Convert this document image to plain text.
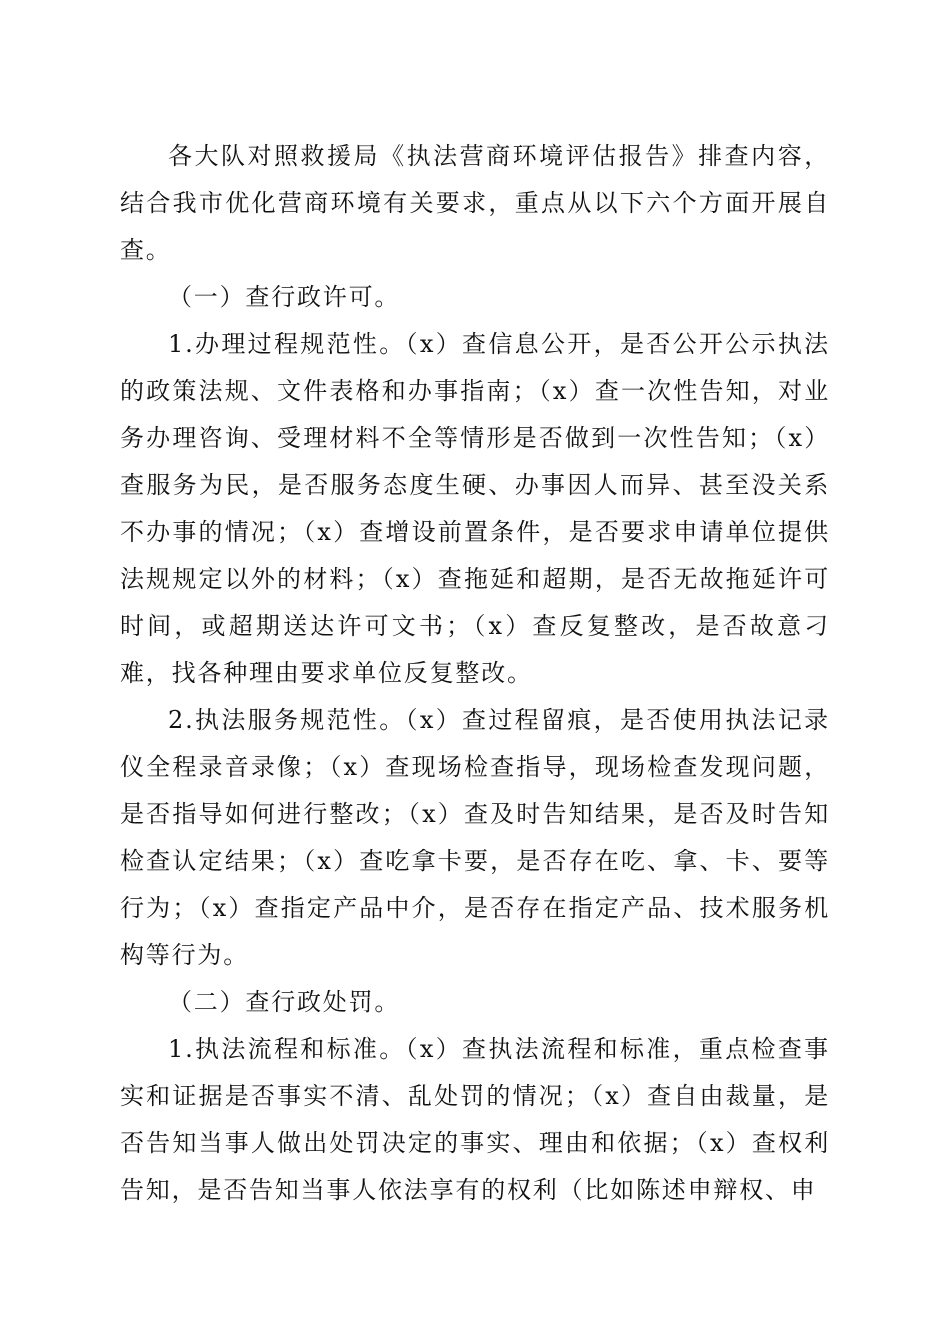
各大队对照救援局《执法营商环境评估报告》排查内容，结合我市优化营商环境有关要求，重点从以下六个方面开展自查。

（一）查行政许可。

1.办理过程规范性。（x）查信息公开，是否公开公示执法的政策法规、文件表格和办事指南；（x）查一次性告知，对业务办理咨询、受理材料不全等情形是否做到一次性告知；（x）查服务为民，是否服务态度生硬、办事因人而异、甚至没关系不办事的情况；（x）查增设前置条件，是否要求申请单位提供法规规定以外的材料；（x）查拖延和超期，是否无故拖延许可时间，或超期送达许可文书；（x）查反复整改，是否故意刁难，找各种理由要求单位反复整改。

2.执法服务规范性。（x）查过程留痕，是否使用执法记录仪全程录音录像；（x）查现场检查指导，现场检查发现问题，是否指导如何进行整改；（x）查及时告知结果，是否及时告知检查认定结果；（x）查吃拿卡要，是否存在吃、拿、卡、要等行为；（x）查指定产品中介，是否存在指定产品、技术服务机构等行为。

（二）查行政处罚。

1.执法流程和标准。（x）查执法流程和标准，重点检查事实和证据是否事实不清、乱处罚的情况；（x）查自由裁量，是否告知当事人做出处罚决定的事实、理由和依据；（x）查权利告知，是否告知当事人依法享有的权利（比如陈述申辩权、申
